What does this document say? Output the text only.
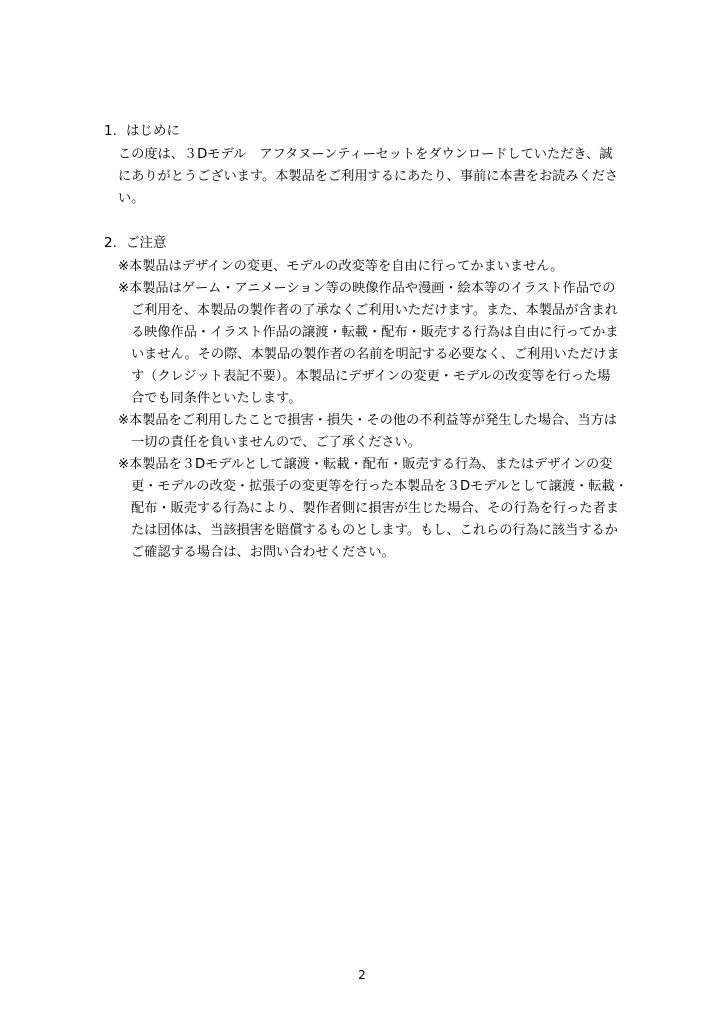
1. はじめに
この度は、３Dモデル　アフタヌーンティーセットをダウンロードしていただき、誠
にありがとうございます。本製品をご利用するにあたり、事前に本書をお読みくださ
い。
2. ご注意
※本製品はデザインの変更、モデルの改変等を自由に行ってかまいません。
※本製品はゲーム・アニメーション等の映像作品や漫画・絵本等のイラスト作品での
ご利用を、本製品の製作者の了承なくご利用いただけます。また、本製品が含まれ
る映像作品・イラスト作品の譲渡・転載・配布・販売する行為は自由に行ってかま
いません。その際、本製品の製作者の名前を明記する必要なく、ご利用いただけま
す（クレジット表記不要）。本製品にデザインの変更・モデルの改変等を行った場
合でも同条件といたします。
※本製品をご利用したことで損害・損失・その他の不利益等が発生した場合、当方は
一切の責任を負いませんので、ご了承ください。
※本製品を３Dモデルとして譲渡・転載・配布・販売する行為、またはデザインの変
更・モデルの改変・拡張子の変更等を行った本製品を３Dモデルとして譲渡・転載・
配布・販売する行為により、製作者側に損害が生じた場合、その行為を行った者ま
たは団体は、当該損害を賠償するものとします。もし、これらの行為に該当するか
ご確認する場合は、お問い合わせください。
2
